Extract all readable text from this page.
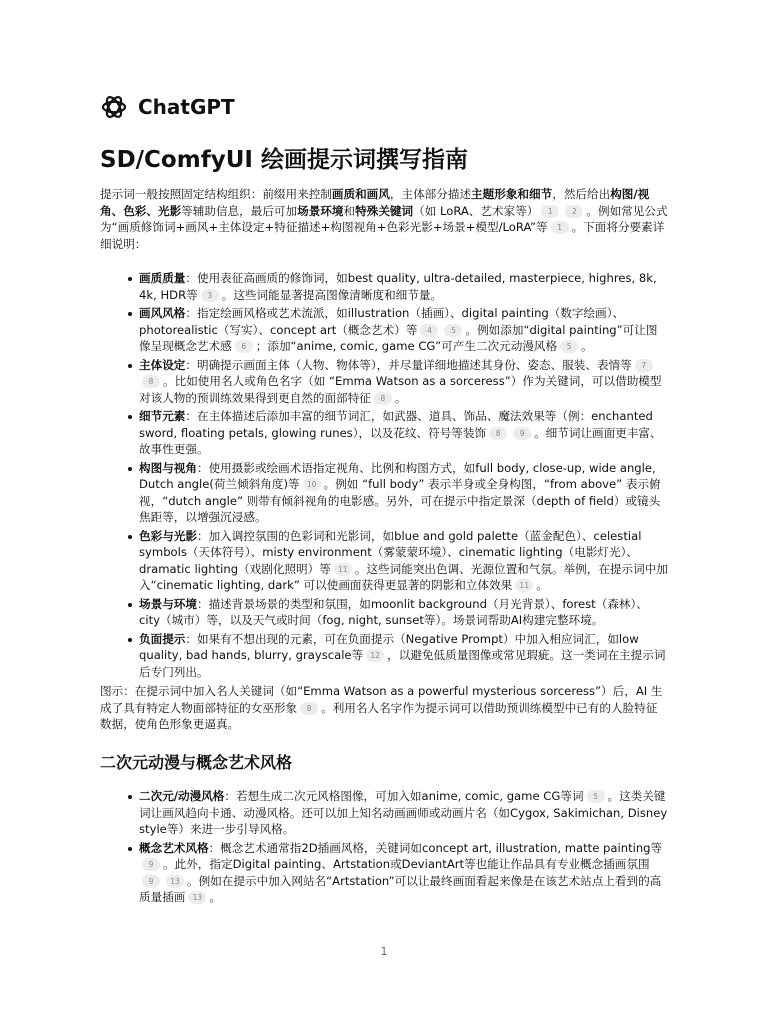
ChatGPT
SD/ComfyUI 绘画提示词撰写指南

提示词一般按照固定结构组织：前缀用来控制画质和画风，主体部分描述主题形象和细节，然后给出构图/视角、色彩、光影等辅助信息，最后可加场景环境和特殊关键词（如 LoRA、艺术家等） 1	2 。例如常见公式为“画质修饰词+画风+主体设定+特征描述+构图视角+色彩光影+场景+模型/LoRA”等 1 。下面将分要素详细说明：

画质质量：使用表征高画质的修饰词，如best quality, ultra-detailed, masterpiece, highres, 8k, 4k, HDR等 3 。这些词能显著提高图像清晰度和细节量。
画风风格：指定绘画风格或艺术流派，如illustration（插画）、digital painting（数字绘画）、photorealistic（写实）、concept art（概念艺术）等 4	5 。例如添加“digital painting”可让图像呈现概念艺术感 6 ；添加“anime, comic, game CG”可产生二次元动漫风格 5 。
主体设定：明确提示画面主体（人物、物体等），并尽量详细地描述其身份、姿态、服装、表情等 78 。比如使用名人或角色名字（如 “Emma Watson as a sorceress”）作为关键词，可以借助模型对该人物的预训练效果得到更自然的面部特征 8 。
细节元素：在主体描述后添加丰富的细节词汇，如武器、道具、饰品、魔法效果等（例：enchanted sword, floating petals, glowing runes），以及花纹、符号等装饰 8	9 。细节词让画面更丰富、故事性更强。
构图与视角：使用摄影或绘画术语指定视角、比例和构图方式，如full body, close-up, wide angle, Dutch angle(荷兰倾斜角度)等 10 。例如 “full body” 表示半身或全身构图，“from above” 表示俯视，“dutch angle” 则带有倾斜视角的电影感。另外，可在提示中指定景深（depth of field）或镜头焦距等，以增强沉浸感。
色彩与光影：加入调控氛围的色彩词和光影词，如blue and gold palette（蓝金配色）、celestial symbols（天体符号）、misty environment（雾蒙蒙环境）、cinematic lighting（电影灯光）、dramatic lighting（戏剧化照明）等 11 。这些词能突出色调、光源位置和气氛。举例，在提示词中加入“cinematic lighting, dark” 可以使画面获得更显著的阴影和立体效果 11 。
场景与环境：描述背景场景的类型和氛围，如moonlit background（月光背景）、forest（森林）、city（城市）等，以及天气或时间（fog, night, sunset等）。场景词帮助AI构建完整环境。
负面提示：如果有不想出现的元素，可在负面提示（Negative Prompt）中加入相应词汇，如low quality, bad hands, blurry, grayscale等 12 ，以避免低质量图像或常见瑕疵。这一类词在主提示词后专门列出。

图示：在提示词中加入名人关键词（如“Emma Watson as a powerful mysterious sorceress”）后，AI 生成了具有特定人物面部特征的女巫形象 8 。利用名人名字作为提示词可以借助预训练模型中已有的人脸特征数据，使角色形象更逼真。

二次元动漫与概念艺术风格
二次元/动漫风格：若想生成二次元风格图像，可加入如anime, comic, game CG等词 5 。这类关键词让画风趋向卡通、动漫风格。还可以加上知名动画画师或动画片名（如Cygox, Sakimichan, Disney style等）来进一步引导风格。
概念艺术风格：概念艺术通常指2D插画风格，关键词如concept art, illustration, matte painting等9 。此外，指定Digital painting、Artstation或DeviantArt等也能让作品具有专业概念插画氛围9 13 。例如在提示中加入网站名“Artstation”可以让最终画面看起来像是在该艺术站点上看到的高质量插画 13 。
1
